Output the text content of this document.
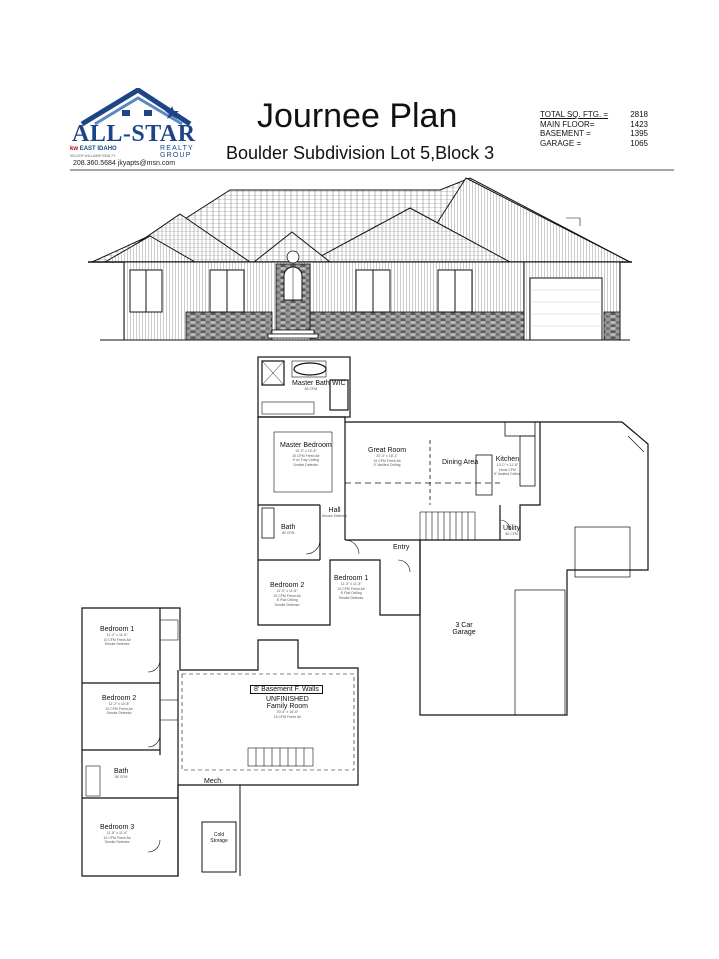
ALL-STAR
kw EAST IDAHO	REALTY GROUP
KELLER WILLIAMS REALTY
208.360.5684 jkyapts@msn.com
Journee Plan
Boulder Subdivision Lot 5,Block 3
TOTAL SQ. FTG. =	2818
MAIN FLOOR=	1423
BASEMENT =	1395
GARAGE =	1065
Master Bath
80 CFM
WIC
Master Bedroom
13'-0" x 15'-6"
10 CFM Fresh Air
9' w/ Tray Ceiling
Smoke Detector
Great Room
20'-0" x 18'-1"
15 CFM Fresh Air
9' Vaulted Ceiling	Dining Area	Kitchen
13'-0" x 11'-8"
Hood CFM
9' Vaulted Ceiling
Hall
Smoke Detector
Bath
80 CFM
Bedroom 2
11'-0" x 11'-6"
10 CFM Fresh Air
8' Flat Ceiling
Smoke Detector
Bedroom 1
11'-0" x 11'-8"
10 CFM Fresh Air
8' Flat Ceiling
Smoke Detector
Entry
Utility
80 CFM
3 Car Garage
Bedroom 1
11'-2" x 11'-6"
10 CFM Fresh Air
Smoke Detector
Bedroom 2
11'-2" x 10'-8"
10 CFM Fresh Air
Smoke Detector
Bath
80 CFM
Bedroom 3
11'-8" x 11'-6"
10 CFM Fresh Air
Smoke Detector
8' Basement F. Walls
UNFINISHED
Family Room
20'-6" x 16'-6"
15 CFM Fresh Air
Mech.
Cold Storage
